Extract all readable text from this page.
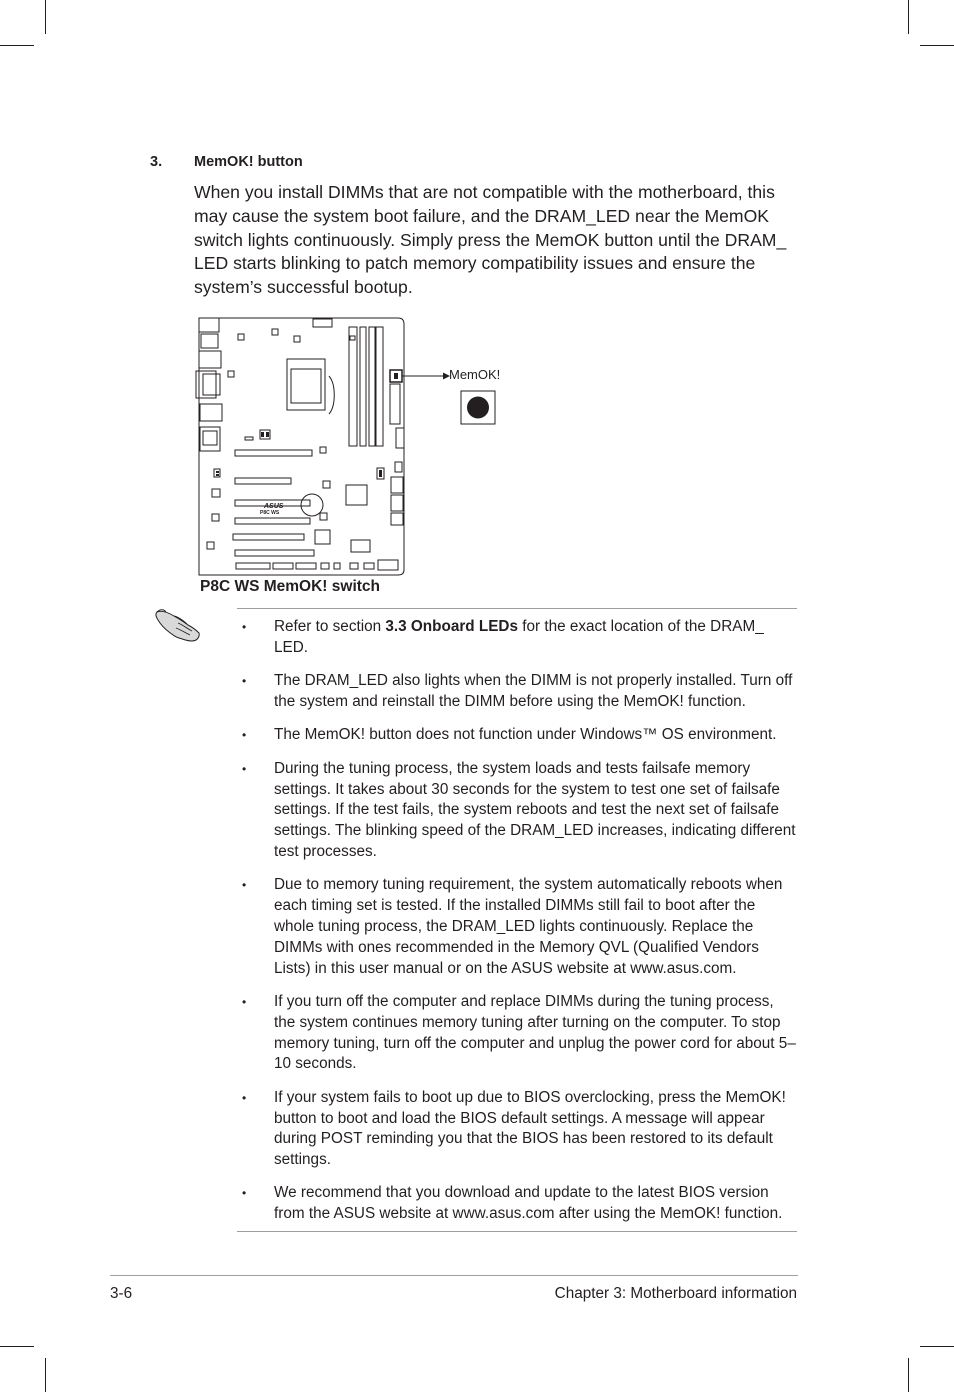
3. MemOK! button

When you install DIMMs that are not compatible with the motherboard, this may cause the system boot failure, and the DRAM_LED near the MemOK switch lights continuously. Simply press the MemOK button until the DRAM_ LED starts blinking to patch memory compatibility issues and ensure the system’s successful bootup.

ASUS
P8C WS
MemOK!
P8C WS MemOK! switch
• Refer to section 3.3 Onboard LEDs for the exact location of the DRAM_ LED.
• The DRAM_LED also lights when the DIMM is not properly installed. Turn off the system and reinstall the DIMM before using the MemOK! function.
• The MemOK! button does not function under Windows™ OS environment.
• During the tuning process, the system loads and tests failsafe memory settings. It takes about 30 seconds for the system to test one set of failsafe settings. If the test fails, the system reboots and test the next set of failsafe settings. The blinking speed of the DRAM_LED increases, indicating different test processes.
• Due to memory tuning requirement, the system automatically reboots when each timing set is tested. If the installed DIMMs still fail to boot after the whole tuning process, the DRAM_LED lights continuously. Replace the DIMMs with ones recommended in the Memory QVL (Qualified Vendors Lists) in this user manual or on the ASUS website at www.asus.com.
• If you turn off the computer and replace DIMMs during the tuning process, the system continues memory tuning after turning on the computer. To stop memory tuning, turn off the computer and unplug the power cord for about 5–10 seconds.
• If your system fails to boot up due to BIOS overclocking, press the MemOK! button to boot and load the BIOS default settings. A message will appear during POST reminding you that the BIOS has been restored to its default settings.
• We recommend that you download and update to the latest BIOS version from the ASUS website at www.asus.com after using the MemOK! function.
3-6	Chapter 3: Motherboard information
